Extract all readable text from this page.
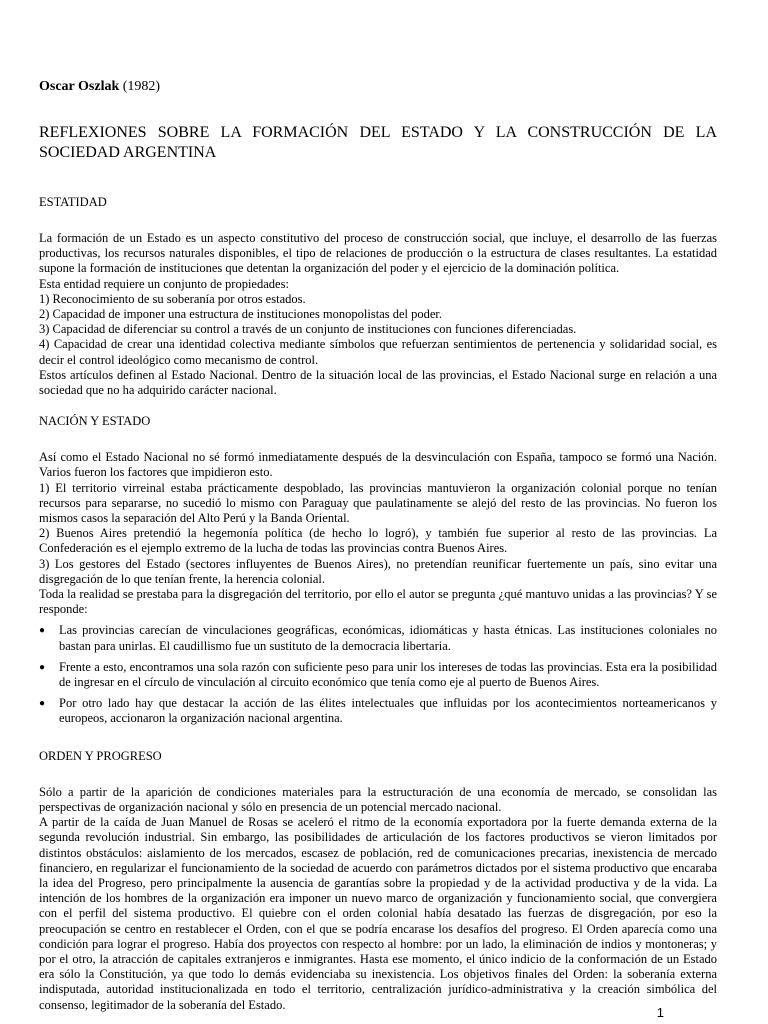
Oscar Oszlak (1982)

REFLEXIONES SOBRE LA FORMACIÓN DEL ESTADO Y LA CONSTRUCCIÓN DE LA SOCIEDAD ARGENTINA
ESTATIDAD

La formación de un Estado es un aspecto constitutivo del proceso de construcción social, que incluye, el desarrollo de las fuerzas productivas, los recursos naturales disponibles, el tipo de relaciones de producción o la estructura de clases resultantes. La estatidad supone la formación de instituciones que detentan la organización del poder y el ejercicio de la dominación política.

Esta entidad requiere un conjunto de propiedades:

1) Reconocimiento de su soberanía por otros estados.

2) Capacidad de imponer una estructura de instituciones monopolistas del poder.

3) Capacidad de diferenciar su control a través de un conjunto de instituciones con funciones diferenciadas.

4) Capacidad de crear una identidad colectiva mediante símbolos que refuerzan sentimientos de pertenencia y solidaridad social, es decir el control ideológico como mecanismo de control.

Estos artículos definen al Estado Nacional. Dentro de la situación local de las provincias, el Estado Nacional surge en relación a una sociedad que no ha adquirido carácter nacional.

NACIÓN Y ESTADO

Así como el Estado Nacional no sé formó inmediatamente después de la desvinculación con España, tampoco se formó una Nación. Varios fueron los factores que impidieron esto.

1) El territorio virreinal estaba prácticamente despoblado, las provincias mantuvieron la organización colonial porque no tenían recursos para separarse, no sucedió lo mismo con Paraguay que paulatinamente se alejó del resto de las provincias. No fueron los mismos casos la separación del Alto Perú y la Banda Oriental.

2) Buenos Aires pretendió la hegemonía política (de hecho lo logró), y también fue superior al resto de las provincias. La Confederación es el ejemplo extremo de la lucha de todas las provincias contra Buenos Aires.

3) Los gestores del Estado (sectores influyentes de Buenos Aires), no pretendían reunificar fuertemente un país, sino evitar una disgregación de lo que tenían frente, la herencia colonial.

Toda la realidad se prestaba para la disgregación del territorio, por ello el autor se pregunta ¿qué mantuvo unidas a las provincias? Y se responde:

●	Las provincias carecían de vinculaciones geográficas, económicas, idiomáticas y hasta étnicas. Las instituciones coloniales no bastan para unirlas. El caudillismo fue un sustituto de la democracia libertaria.
●	Frente a esto, encontramos una sola razón con suficiente peso para unir los intereses de todas las provincias. Esta era la posibilidad de ingresar en el círculo de vinculación al circuito económico que tenía como eje al puerto de Buenos Aires.
●	Por otro lado hay que destacar la acción de las élites intelectuales que influidas por los acontecimientos norteamericanos y europeos, accionaron la organización nacional argentina.
ORDEN Y PROGRESO

Sólo a partir de la aparición de condiciones materiales para la estructuración de una economía de mercado, se consolidan las perspectivas de organización nacional y sólo en presencia de un potencial mercado nacional.

A partir de la caída de Juan Manuel de Rosas se aceleró el ritmo de la economía exportadora por la fuerte demanda externa de la segunda revolución industrial. Sin embargo, las posibilidades de articulación de los factores productivos se vieron limitados por distintos obstáculos: aislamiento de los mercados, escasez de población, red de comunicaciones precarias, inexistencia de mercado financiero, en regularizar el funcionamiento de la sociedad de acuerdo con parámetros dictados por el sistema productivo que encaraba la idea del Progreso, pero principalmente la ausencia de garantías sobre la propiedad y de la actividad productiva y de la vida. La intención de los hombres de la organización era imponer un nuevo marco de organización y funcionamiento social, que convergiera con el perfil del sistema productivo. El quiebre con el orden colonial había desatado las fuerzas de disgregación, por eso la preocupación se centro en restablecer el Orden, con el que se podría encarase los desafíos del progreso. El Orden aparecía como una condición para lograr el progreso. Había dos proyectos con respecto al hombre: por un lado, la eliminación de indios y montoneras; y por el otro, la atracción de capitales extranjeros e inmigrantes. Hasta ese momento, el único indicio de la conformación de un Estado era sólo la Constitución, ya que todo lo demás evidenciaba su inexistencia. Los objetivos finales del Orden: la soberanía externa indisputada, autoridad institucionalizada en todo el territorio, centralización jurídico-administrativa y la creación simbólica del consenso, legitimador de la soberanía del Estado.

1
